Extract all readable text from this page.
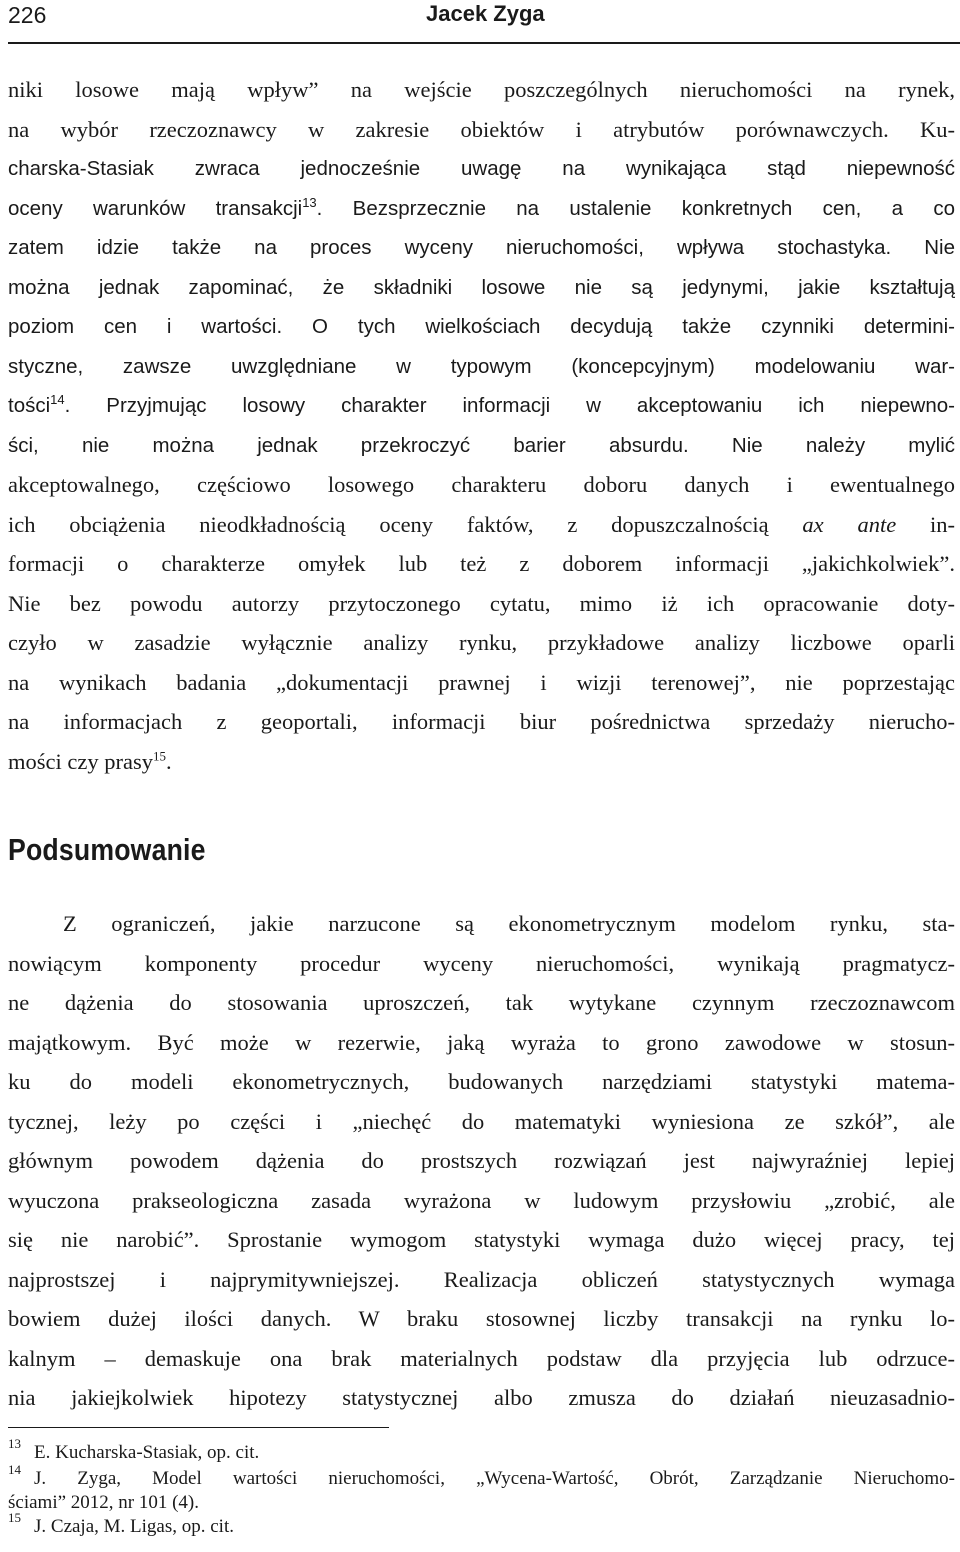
226	Jacek Zyga
niki losowe mają wpływ” na wejście poszczególnych nieruchomości na rynek,
na wybór rzeczoznawcy w zakresie obiektów i atrybutów porównawczych. Ku-
charska-Stasiak zwraca jednocześnie uwagę na wynikająca stąd niepewność
oceny warunków transakcji$^{13}$. Bezsprzecznie na ustalenie konkretnych cen, a co
zatem idzie także na proces wyceny nieruchomości, wpływa stochastyka. Nie
można jednak zapominać, że składniki losowe nie są jedynymi, jakie kształtują
poziom cen i wartości. O tych wielkościach decydują także czynniki determini-
styczne, zawsze uwzględniane w typowym (koncepcyjnym) modelowaniu war-
tości$^{14}$. Przyjmując losowy charakter informacji w akceptowaniu ich niepewno-
ści, nie można jednak przekroczyć barier absurdu. Nie należy mylić
akceptowalnego, częściowo losowego charakteru doboru danych i ewentualnego
ich obciążenia nieodkładnością oceny faktów, z dopuszczalnością ax ante in-
formacji o charakterze omyłek lub też z doborem informacji „jakichkolwiek”.
Nie bez powodu autorzy przytoczonego cytatu, mimo iż ich opracowanie doty-
czyło w zasadzie wyłącznie analizy rynku, przykładowe analizy liczbowe oparli
na wynikach badania „dokumentacji prawnej i wizji terenowej”, nie poprzestając
na informacjach z geoportali, informacji biur pośrednictwa sprzedaży nierucho-
mości czy prasy$^{15}$.
Podsumowanie
Z ograniczeń, jakie narzucone są ekonometrycznym modelom rynku, sta-
nowiącym komponenty procedur wyceny nieruchomości, wynikają pragmatycz-
ne dążenia do stosowania uproszczeń, tak wytykane czynnym rzeczoznawcom
majątkowym. Być może w rezerwie, jaką wyraża to grono zawodowe w stosun-
ku do modeli ekonometrycznych, budowanych narzędziami statystyki matema-
tycznej, leży po części i „niechęć do matematyki wyniesiona ze szkół”, ale
głównym powodem dążenia do prostszych rozwiązań jest najwyraźniej lepiej
wyuczona prakseologiczna zasada wyrażona w ludowym przysłowiu „zrobić, ale
się nie narobić”. Sprostanie wymogom statystyki wymaga dużo więcej pracy, tej
najprostszej i najprymitywniejszej. Realizacja obliczeń statystycznych wymaga
bowiem dużej ilości danych. W braku stosownej liczby transakcji na rynku lo-
kalnym – demaskuje ona brak materialnych podstaw dla przyjęcia lub odrzuce-
nia jakiejkolwiek hipotezy statystycznej albo zmusza do działań nieuzasadnio-
13 E. Kucharska-Stasiak, op. cit.
14 J. Zyga, Model wartości nieruchomości, „Wycena-Wartość, Obrót, Zarządzanie Nieruchomo-
ściami” 2012, nr 101 (4).
15 J. Czaja, M. Ligas, op. cit.
